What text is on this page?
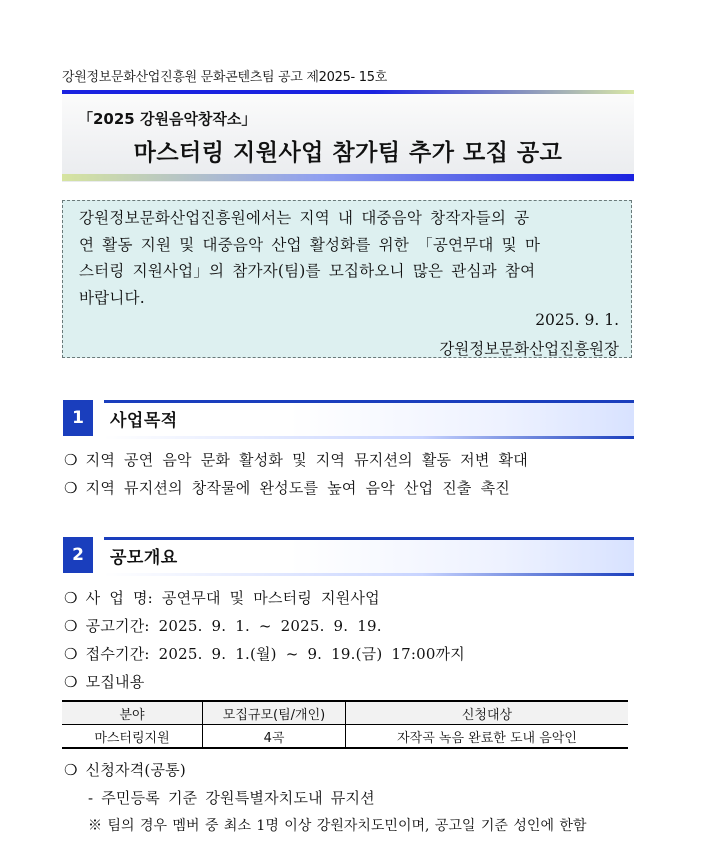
강원정보문화산업진흥원 문화콘텐츠팀 공고 제2025- 15호
「2025 강원음악창작소」
마스터링 지원사업 참가팀 추가 모집 공고
강원정보문화산업진흥원에서는 지역 내 대중음악 창작자들의 공
연 활동 지원 및 대중음악 산업 활성화를 위한 「공연무대 및 마
스터링 지원사업」의 참가자(팀)를 모집하오니 많은 관심과 참여
바랍니다.
2025. 9. 1.
강원정보문화산업진흥원장
1	사업목적
❍ 지역 공연 음악 문화 활성화 및 지역 뮤지션의 활동 저변 확대
❍ 지역 뮤지션의 창작물에 완성도를 높여 음악 산업 진출 촉진
2	공모개요
❍ 사 업 명: 공연무대 및 마스터링 지원사업
❍ 공고기간: 2025. 9. 1. ~ 2025. 9. 19.
❍ 접수기간: 2025. 9. 1.(월) ~ 9. 19.(금) 17:00까지
❍ 모집내용
분야	모집규모(팀/개인)	신청대상
마스터링지원	4곡	자작곡 녹음 완료한 도내 음악인
❍ 신청자격(공통)
- 주민등록 기준 강원특별자치도내 뮤지션
※ 팀의 경우 멤버 중 최소 1명 이상 강원자치도민이며, 공고일 기준 성인에 한함
